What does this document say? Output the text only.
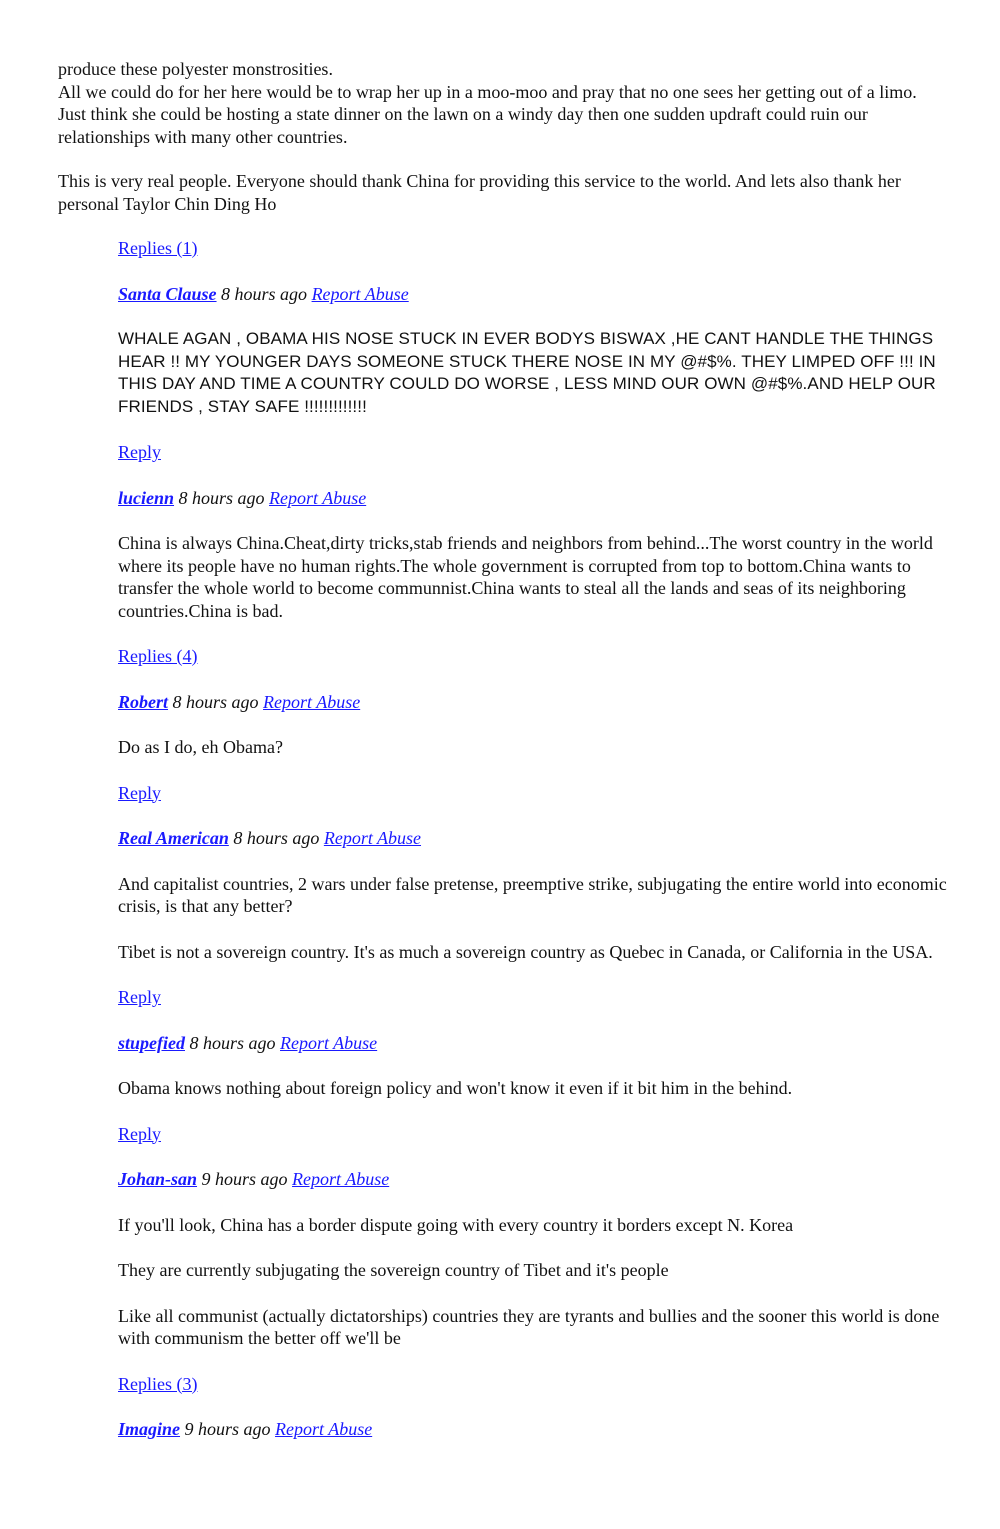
produce these polyester monstrosities.
All we could do for her here would be to wrap her up in a moo-moo and pray that no one sees her getting out of a limo. Just think she could be hosting a state dinner on the lawn on a windy day then one sudden updraft could ruin our relationships with many other countries.

This is very real people. Everyone should thank China for providing this service to the world. And lets also thank her personal Taylor Chin Ding Ho

Replies (1)
Santa Clause 8 hours ago Report Abuse

WHALE AGAN , OBAMA HIS NOSE STUCK IN EVER BODYS BISWAX ,HE CANT HANDLE THE THINGS HEAR !! MY YOUNGER DAYS SOMEONE STUCK THERE NOSE IN MY @#$%. THEY LIMPED OFF !!! IN THIS DAY AND TIME A COUNTRY COULD DO WORSE , LESS MIND OUR OWN @#$%.AND HELP OUR FRIENDS , STAY SAFE !!!!!!!!!!!!!

Reply
lucienn 8 hours ago Report Abuse

China is always China.Cheat,dirty tricks,stab friends and neighbors from behind...The worst country in the world where its people have no human rights.The whole government is corrupted from top to bottom.China wants to transfer the whole world to become communnist.China wants to steal all the lands and seas of its neighboring countries.China is bad.

Replies (4)
Robert 8 hours ago Report Abuse

Do as I do, eh Obama?

Reply
Real American 8 hours ago Report Abuse

And capitalist countries, 2 wars under false pretense, preemptive strike, subjugating the entire world into economic crisis, is that any better?

Tibet is not a sovereign country. It's as much a sovereign country as Quebec in Canada, or California in the USA.

Reply
stupefied 8 hours ago Report Abuse

Obama knows nothing about foreign policy and won't know it even if it bit him in the behind.

Reply
Johan-san 9 hours ago Report Abuse

If you'll look, China has a border dispute going with every country it borders except N. Korea

They are currently subjugating the sovereign country of Tibet and it's people

Like all communist (actually dictatorships) countries they are tyrants and bullies and the sooner this world is done with communism the better off we'll be

Replies (3)
Imagine 9 hours ago Report Abuse
